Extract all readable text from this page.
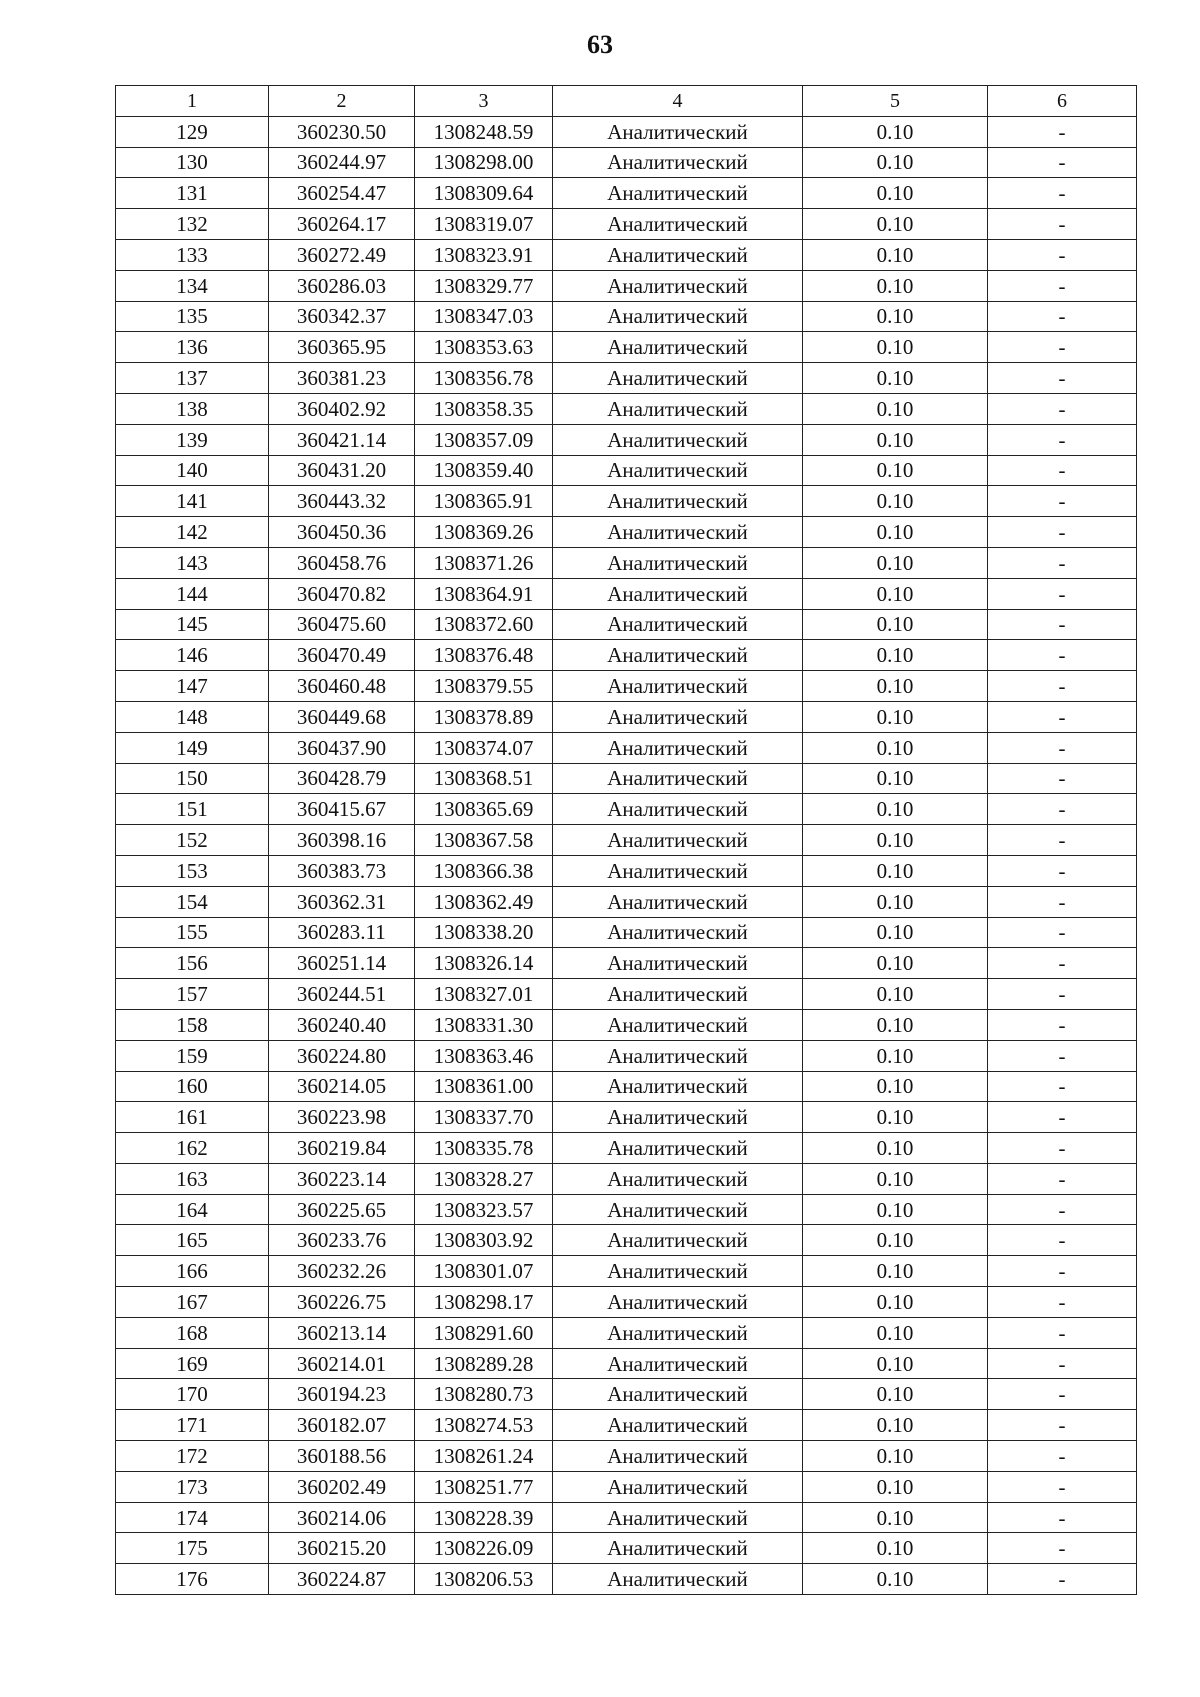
63
1	2	3	4	5	6
129	360230.50	1308248.59	Аналитический	0.10	-
130	360244.97	1308298.00	Аналитический	0.10	-
131	360254.47	1308309.64	Аналитический	0.10	-
132	360264.17	1308319.07	Аналитический	0.10	-
133	360272.49	1308323.91	Аналитический	0.10	-
134	360286.03	1308329.77	Аналитический	0.10	-
135	360342.37	1308347.03	Аналитический	0.10	-
136	360365.95	1308353.63	Аналитический	0.10	-
137	360381.23	1308356.78	Аналитический	0.10	-
138	360402.92	1308358.35	Аналитический	0.10	-
139	360421.14	1308357.09	Аналитический	0.10	-
140	360431.20	1308359.40	Аналитический	0.10	-
141	360443.32	1308365.91	Аналитический	0.10	-
142	360450.36	1308369.26	Аналитический	0.10	-
143	360458.76	1308371.26	Аналитический	0.10	-
144	360470.82	1308364.91	Аналитический	0.10	-
145	360475.60	1308372.60	Аналитический	0.10	-
146	360470.49	1308376.48	Аналитический	0.10	-
147	360460.48	1308379.55	Аналитический	0.10	-
148	360449.68	1308378.89	Аналитический	0.10	-
149	360437.90	1308374.07	Аналитический	0.10	-
150	360428.79	1308368.51	Аналитический	0.10	-
151	360415.67	1308365.69	Аналитический	0.10	-
152	360398.16	1308367.58	Аналитический	0.10	-
153	360383.73	1308366.38	Аналитический	0.10	-
154	360362.31	1308362.49	Аналитический	0.10	-
155	360283.11	1308338.20	Аналитический	0.10	-
156	360251.14	1308326.14	Аналитический	0.10	-
157	360244.51	1308327.01	Аналитический	0.10	-
158	360240.40	1308331.30	Аналитический	0.10	-
159	360224.80	1308363.46	Аналитический	0.10	-
160	360214.05	1308361.00	Аналитический	0.10	-
161	360223.98	1308337.70	Аналитический	0.10	-
162	360219.84	1308335.78	Аналитический	0.10	-
163	360223.14	1308328.27	Аналитический	0.10	-
164	360225.65	1308323.57	Аналитический	0.10	-
165	360233.76	1308303.92	Аналитический	0.10	-
166	360232.26	1308301.07	Аналитический	0.10	-
167	360226.75	1308298.17	Аналитический	0.10	-
168	360213.14	1308291.60	Аналитический	0.10	-
169	360214.01	1308289.28	Аналитический	0.10	-
170	360194.23	1308280.73	Аналитический	0.10	-
171	360182.07	1308274.53	Аналитический	0.10	-
172	360188.56	1308261.24	Аналитический	0.10	-
173	360202.49	1308251.77	Аналитический	0.10	-
174	360214.06	1308228.39	Аналитический	0.10	-
175	360215.20	1308226.09	Аналитический	0.10	-
176	360224.87	1308206.53	Аналитический	0.10	-
